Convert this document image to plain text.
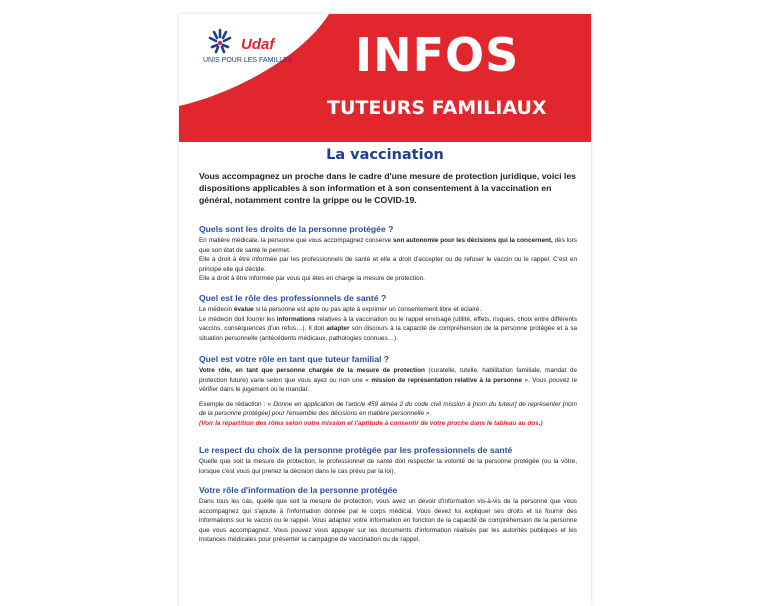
Udaf
UNIS POUR LES FAMILLES	INFOS
TUTEURS FAMILIAUX
La vaccination
Vous accompagnez un proche dans le cadre d'une mesure de protection juridique, voici les dispositions applicables à son information et à son consentement à la vaccination en général, notamment contre la grippe ou le COVID-19.
Quels sont les droits de la personne protégée ?

En matière médicale, la personne que vous accompagnez conserve son autonomie pour les décisions qui la concernent, dès lors que son état de santé le permet.

Elle a droit à être informée par les professionnels de santé et elle a droit d'accepter ou de refuser le vaccin ou le rappel. C'est en principe elle qui décide.

Elle a droit à être informée par vous qui êtes en charge la mesure de protection.

Quel est le rôle des professionnels de santé ?

Le médecin évalue si la personne est apte ou pas apte à exprimer un consentement libre et éclairé.

Le médecin doit fournir les informations relatives à la vaccination ou le rappel envisagé (utilité, effets, risques, choix entre différents vaccins, conséquences d'un refus…). Il doit adapter son discours à la capacité de compréhension de la personne protégée et à sa situation personnelle (antécédents médicaux, pathologies connues…).

Quel est votre rôle en tant que tuteur familial ?

Votre rôle, en tant que personne chargée de la mesure de protection (curatelle, tutelle, habilitation familiale, mandat de protection future) varie selon que vous ayez ou non une « mission de représentation relative à la personne ». Vous pouvez le vérifier dans le jugement ou le mandat.

Exemple de rédaction : « Donne en application de l'article 459 alinéa 2 du code civil mission à [nom du tuteur] de représenter [nom de la personne protégée] pour l'ensemble des décisions en matière personnelle ».

(Voir la répartition des rôles selon votre mission et l'aptitude à consentir de votre proche dans le tableau au dos.)

Le respect du choix de la personne protégée par les professionnels de santé

Quelle que soit la mesure de protection, le professionnel de santé doit respecter la volonté de la personne protégée (ou la vôtre, lorsque c'est vous qui prenez la décision dans le cas prévu par la loi).

Votre rôle d'information de la personne protégée

Dans tous les cas, quelle que soit la mesure de protection, vous avez un devoir d'information vis-à-vis de la personne que vous accompagnez qui s'ajoute à l'information donnée par le corps médical. Vous devez lui expliquer ses droits et lui fournir des informations sur le vaccin ou le rappel. Vous adaptez votre information en fonction de la capacité de compréhension de la personne que vous accompagnez. Vous pouvez vous appuyer sur les documents d'information réalisés par les autorités publiques et les instances médicales pour présenter la campagne de vaccination ou de rappel.
